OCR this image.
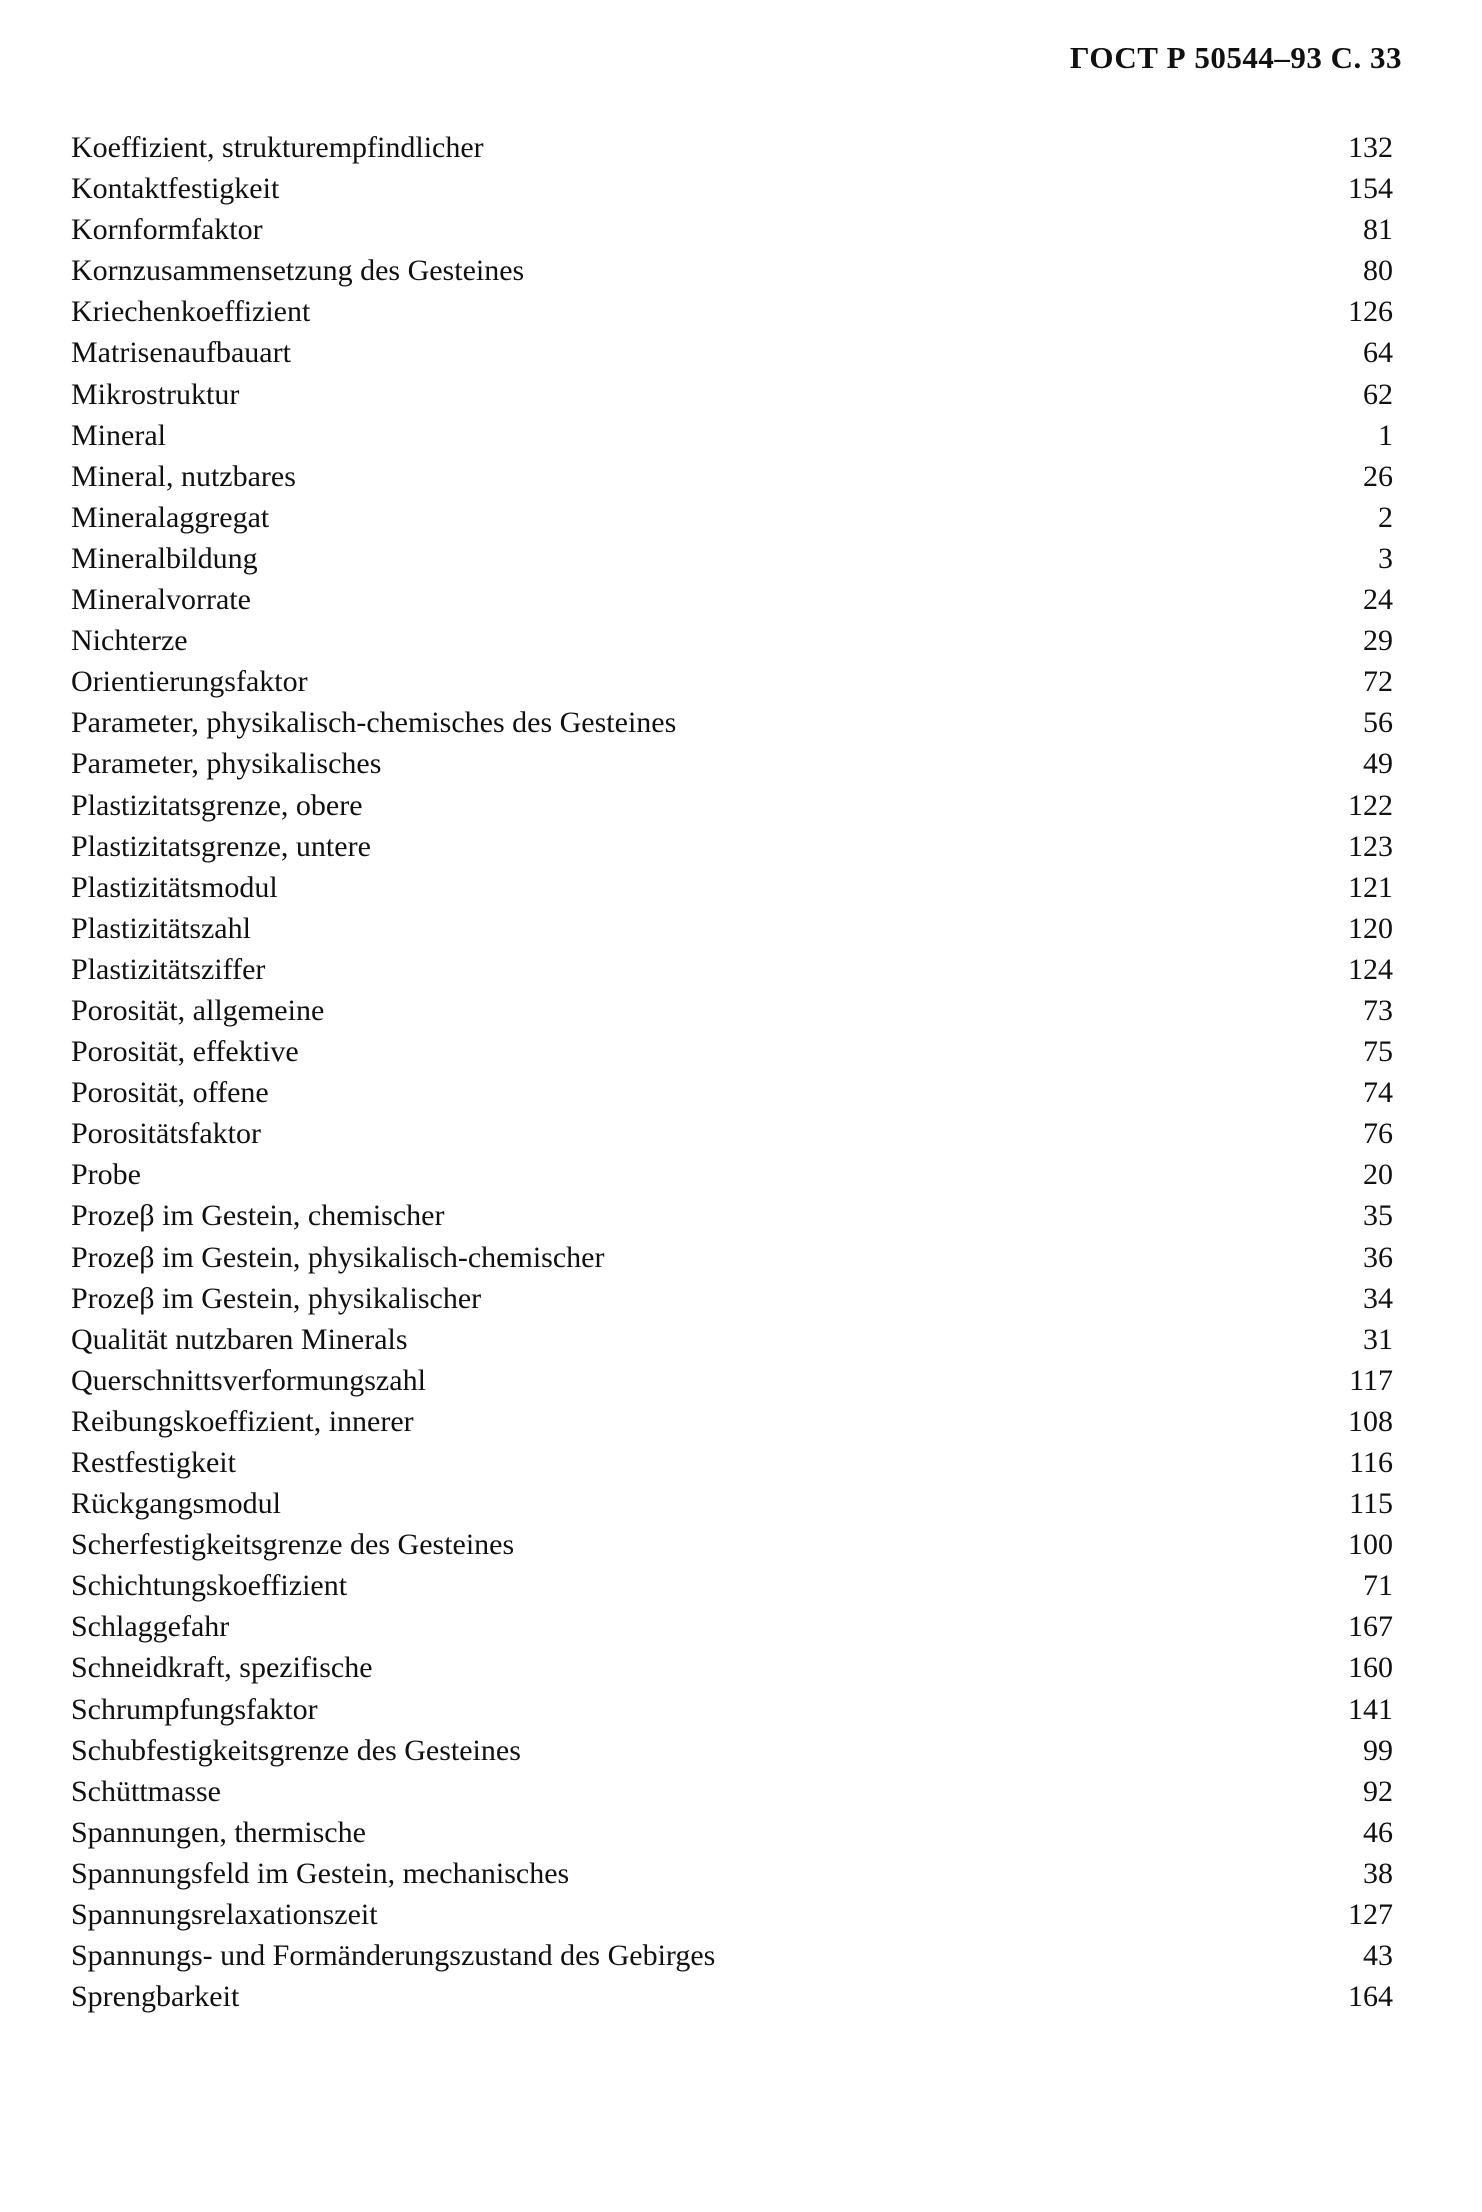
ГОСТ Р 50544–93 С. 33
Koeffizient, strukturempfindlicher	132
Kontaktfestigkeit	154
Kornformfaktor	81
Kornzusammensetzung des Gesteines	80
Kriechenkoeffizient	126
Matrisenaufbauart	64
Mikrostruktur	62
Mineral	1
Mineral, nutzbares	26
Mineralaggregat	2
Mineralbildung	3
Mineralvorrate	24
Nichterze	29
Orientierungsfaktor	72
Parameter, physikalisch-chemisches des Gesteines	56
Parameter, physikalisches	49
Plastizitatsgrenze, obere	122
Plastizitatsgrenze, untere	123
Plastizitätsmodul	121
Plastizitätszahl	120
Plastizitätsziffer	124
Porosität, allgemeine	73
Porosität, effektive	75
Porosität, offene	74
Porositätsfaktor	76
Probe	20
Prozeβ im Gestein, chemischer	35
Prozeβ im Gestein, physikalisch-chemischer	36
Prozeβ im Gestein, physikalischer	34
Qualität nutzbaren Minerals	31
Querschnittsverformungszahl	117
Reibungskoeffizient, innerer	108
Restfestigkeit	116
Rückgangsmodul	115
Scherfestigkeitsgrenze des Gesteines	100
Schichtungskoeffizient	71
Schlaggefahr	167
Schneidkraft, spezifische	160
Schrumpfungsfaktor	141
Schubfestigkeitsgrenze des Gesteines	99
Schüttmasse	92
Spannungen, thermische	46
Spannungsfeld im Gestein, mechanisches	38
Spannungsrelaxationszeit	127
Spannungs- und Formänderungszustand des Gebirges	43
Sprengbarkeit	164
